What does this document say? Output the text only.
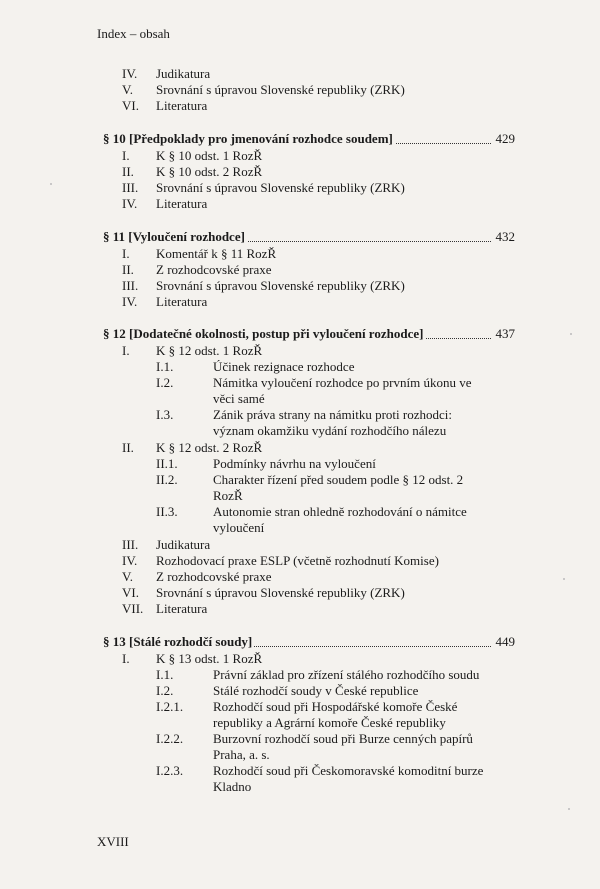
Index – obsah
IV. Judikatura
V. Srovnání s úpravou Slovenské republiky (ZRK)
VI. Literatura
§ 10 [Předpoklady pro jmenování rozhodce soudem]	429
I. K § 10 odst. 1 RozŘ
II. K § 10 odst. 2 RozŘ
III. Srovnání s úpravou Slovenské republiky (ZRK)
IV. Literatura
§ 11 [Vyloučení rozhodce]	432
I. Komentář k § 11 RozŘ
II. Z rozhodcovské praxe
III. Srovnání s úpravou Slovenské republiky (ZRK)
IV. Literatura
§ 12 [Dodatečné okolnosti, postup při vyloučení rozhodce]	437
I. K § 12 odst. 1 RozŘ
I.1.	Účinek rezignace rozhodce
I.2.	Námitka vyloučení rozhodce po prvním úkonu ve
věci samé
I.3.	Zánik práva strany na námitku proti rozhodci:
význam okamžiku vydání rozhodčího nálezu
II. K § 12 odst. 2 RozŘ
II.1.	Podmínky návrhu na vyloučení
II.2.	Charakter řízení před soudem podle § 12 odst. 2
RozŘ
II.3.	Autonomie stran ohledně rozhodování o námitce
vyloučení
III. Judikatura
IV. Rozhodovací praxe ESLP (včetně rozhodnutí Komise)
V. Z rozhodcovské praxe
VI. Srovnání s úpravou Slovenské republiky (ZRK)
VII. Literatura
§ 13 [Stálé rozhodčí soudy]	449
I. K § 13 odst. 1 RozŘ
I.1.	Právní základ pro zřízení stálého rozhodčího soudu
I.2.	Stálé rozhodčí soudy v České republice
I.2.1. Rozhodčí soud při Hospodářské komoře České
republiky a Agrární komoře České republiky
I.2.2. Burzovní rozhodčí soud při Burze cenných papírů
Praha, a. s.
I.2.3. Rozhodčí soud při Českomoravské komoditní burze
Kladno
XVIII
